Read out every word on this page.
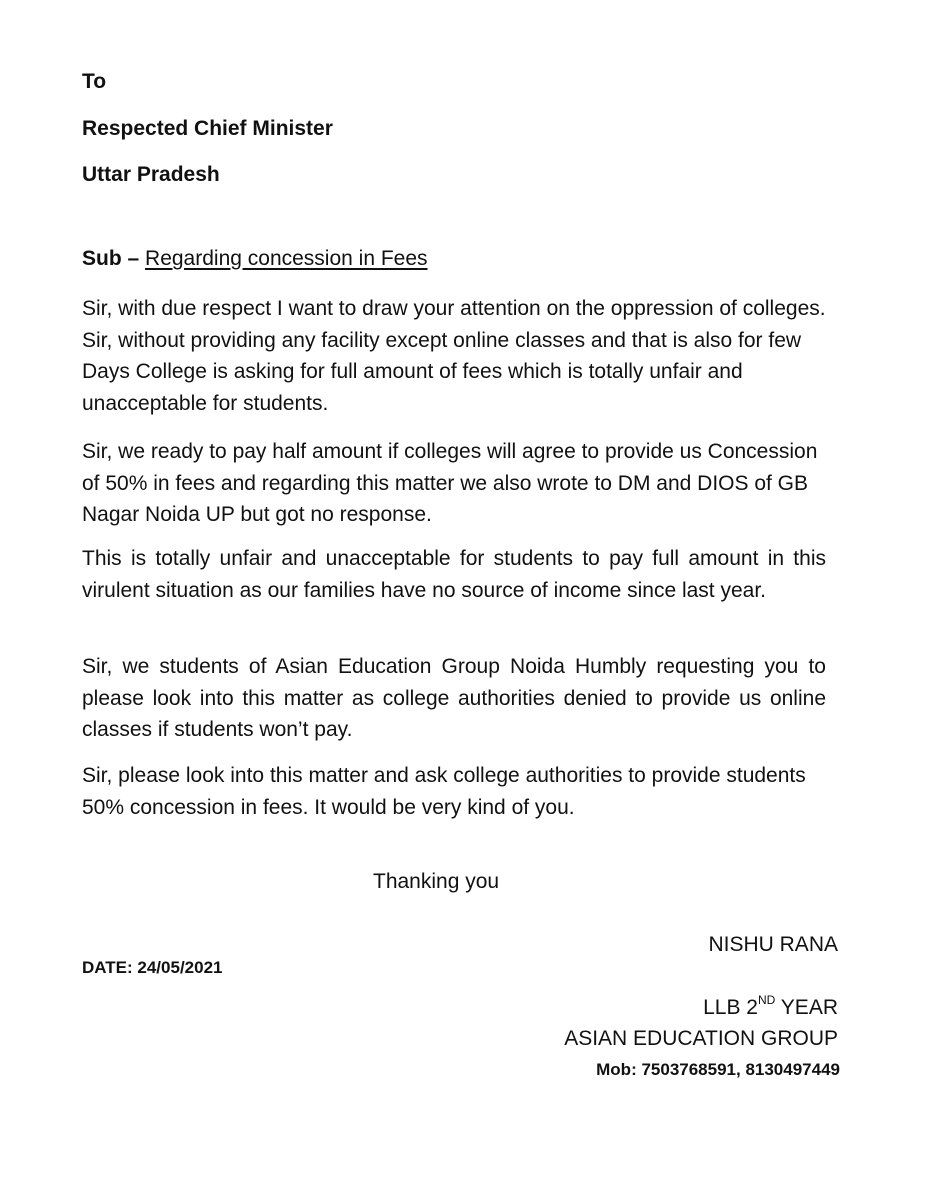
To

Respected Chief Minister

Uttar Pradesh

Sub – Regarding concession in Fees

Sir, with due respect I want to draw your attention on the oppression of colleges. Sir, without providing any facility except online classes and that is also for few Days College is asking for full amount of fees which is totally unfair and unacceptable for students.

Sir, we ready to pay half amount if colleges will agree to provide us Concession of 50% in fees and regarding this matter we also wrote to DM and DIOS of GB Nagar Noida UP but got no response.

This is totally unfair and unacceptable for students to pay full amount in this virulent situation as our families have no source of income since last year.

Sir, we students of Asian Education Group Noida Humbly requesting you to please look into this matter as college authorities denied to provide us online classes if students won’t pay.

Sir, please look into this matter and ask college authorities to provide students 50% concession in fees. It would be very kind of you.

Thanking you

NISHU RANA

DATE: 24/05/2021

LLB 2ND YEAR

ASIAN EDUCATION GROUP

Mob: 7503768591, 8130497449
